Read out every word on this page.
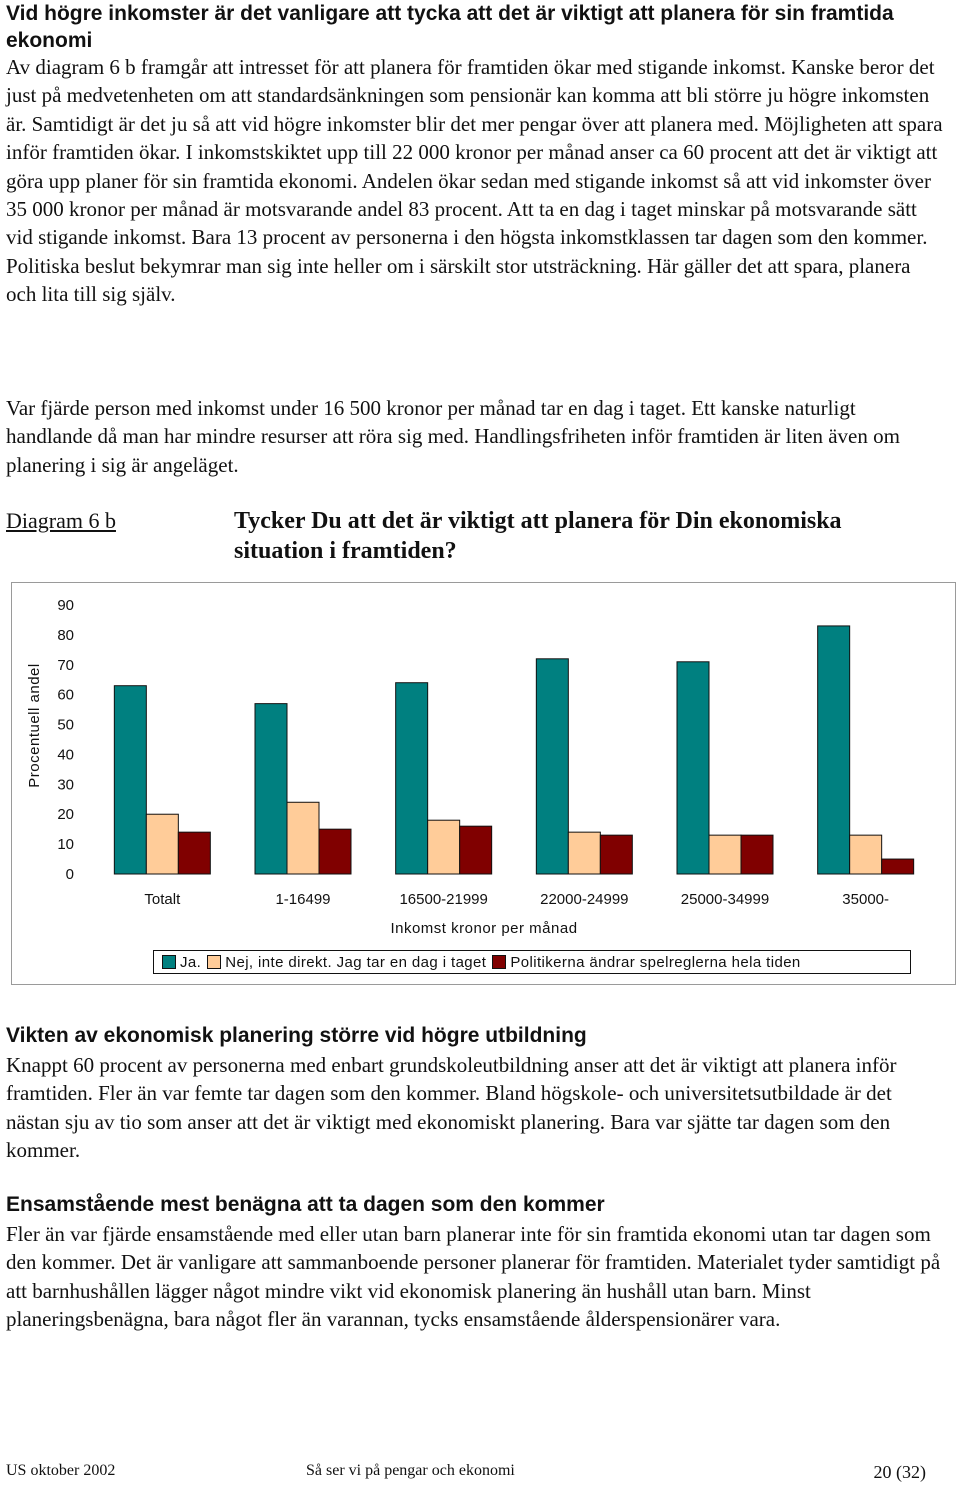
Vid högre inkomster är det vanligare att tycka att det är viktigt att planera för sin framtida ekonomi

Av diagram 6 b framgår att intresset för att planera för framtiden ökar med stigande inkomst. Kanske beror det just på medvetenheten om att standardsänkningen som pensionär kan komma att bli större ju högre inkomsten är. Samtidigt är det ju så att vid högre inkomster blir det mer pengar över att planera med. Möjligheten att spara inför framtiden ökar. I inkomstskiktet upp till 22 000 kronor per månad anser ca 60 procent att det är viktigt att göra upp planer för sin framtida ekonomi. Andelen ökar sedan med stigande inkomst så att vid inkomster över 35 000 kronor per månad är motsvarande andel 83 procent. Att ta en dag i taget minskar på motsvarande sätt vid stigande inkomst. Bara 13 procent av personerna i den högsta inkomstklassen tar dagen som den kommer. Politiska beslut bekymrar man sig inte heller om i särskilt stor utsträckning. Här gäller det att spara, planera och lita till sig själv.

Var fjärde person med inkomst under 16 500 kronor per månad tar en dag i taget. Ett kanske naturligt handlande då man har mindre resurser att röra sig med. Handlingsfriheten inför framtiden är liten även om planering i sig är angeläget.

Diagram 6 b	Tycker Du att det är viktigt att planera för Din ekonomiska situation i framtiden?
0
10
20
30
40
50
60
70
80
90
Procentuell andel
Totalt	1-16499	16500-21999	22000-24999	25000-34999	35000-
Inkomst kronor per månad
Ja. Nej, inte direkt. Jag tar en dag i taget Politikerna ändrar spelreglerna hela tiden
Vikten av ekonomisk planering större vid högre utbildning

Knappt 60 procent av personerna med enbart grundskoleutbildning anser att det är viktigt att planera inför framtiden. Fler än var femte tar dagen som den kommer. Bland högskole- och universitetsutbildade är det nästan sju av tio som anser att det är viktigt med ekonomiskt planering. Bara var sjätte tar dagen som den kommer.

Ensamstående mest benägna att ta dagen som den kommer

Fler än var fjärde ensamstående med eller utan barn planerar inte för sin framtida ekonomi utan tar dagen som den kommer. Det är vanligare att sammanboende personer planerar för framtiden. Materialet tyder samtidigt på att barnhushållen lägger något mindre vikt vid ekonomisk planering än hushåll utan barn. Minst planeringsbenägna, bara något fler än varannan, tycks ensamstående ålderspensionärer vara.

US oktober 2002	Så ser vi på pengar och ekonomi	20 (32)
